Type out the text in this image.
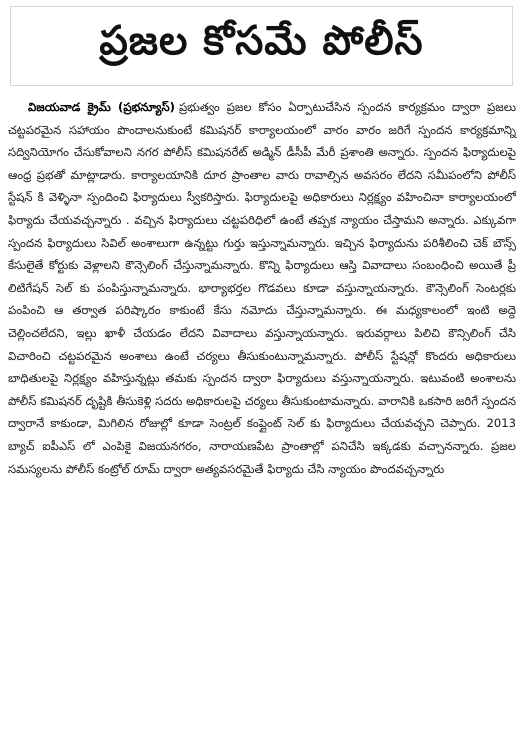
ప్రజల కోసమే పోలీస్
విజయవాడ క్రైమ్ (ప్రభన్యూస్) ప్రభుత్వం ప్రజల కోసం ఏర్పాటుచేసిన స్పందన కార్యక్రమం ద్వారా ప్రజలు చట్టపరమైన సహాయం పొందాలనుకుంటే కమిషనర్ కార్యాలయంలో వారం వారం జరిగే స్పందన కార్యక్రమాన్ని సద్వినియోగం చేసుకోవాలని నగర పోలీస్ కమిషనరేట్ అడ్మిన్ డీసీపీ మేరీ ప్రశాంతి అన్నారు. స్పందన ఫిర్యాదులపై ఆంధ్ర ప్రభతో మాట్లాడారు. కార్యాలయానికి దూర ప్రాంతాల వారు రావాల్సిన అవసరం లేదని సమీపంలోని పోలీస్ స్టేషన్ కి వెళ్ళినా స్పందించి ఫిర్యాదులు స్వీకరిస్తారు. ఫిర్యాదులపై అధికారులు నిర్లక్ష్యం వహించినా కార్యాలయంలో ఫిర్యాదు చేయవచ్చన్నారు . వచ్చిన ఫిర్యాదులు చట్టపరిధిలో ఉంటే తప్పక న్యాయం చేస్తామని అన్నారు. ఎక్కువగా స్పందన ఫిర్యాదులు సివిల్ అంశాలుగా ఉన్నట్టు గుర్తు ఇస్తున్నామన్నారు. ఇచ్చిన ఫిర్యాదును పరిశీలించి చెక్ బౌన్స్ కేసులైతే కోర్టుకు వెళ్లాలని కౌన్సెలింగ్ చేస్తున్నామన్నారు. కొన్ని ఫిర్యాదులు ఆస్తి వివాదాలు సంబంధించి అయితే ప్రీ లిటిగేషన్ సెల్ కు పంపిస్తున్నామన్నారు. భార్యాభర్తల గొడవలు కూడా వస్తున్నాయన్నారు. కౌన్సెలింగ్ సెంటర్లకు పంపించి ఆ తర్వాత పరిష్కారం కాకుంటే కేసు నమోదు చేస్తున్నామన్నారు. ఈ మధ్యకాలంలో ఇంటి అద్దె చెల్లించలేదని, ఇల్లు ఖాళీ చేయడం లేదని వివాదాలు వస్తున్నాయన్నారు. ఇరువర్గాలు పిలిచి కౌన్సిలింగ్ చేసి విచారించి చట్టపరమైన అంశాలు ఉంటే చర్యలు తీసుకుంటున్నామన్నారు. పోలీస్ స్టేషన్లో కొందరు అధికారులు బాధితులపై నిర్లక్ష్యం వహిస్తున్నట్లు తమకు స్పందన ద్వారా ఫిర్యాదులు వస్తున్నాయన్నారు. ఇటువంటి అంశాలను పోలీస్ కమిషనర్ దృష్టికి తీసుకెళ్లి సదరు అధికారులపై చర్యలు తీసుకుంటామన్నారు. వారానికి ఒకసారి జరిగే స్పందన ద్వారానే కాకుండా, మిగిలిన రోజుల్లో కూడా సెంట్రల్ కంప్లైంట్ సెల్ కు ఫిర్యాదులు చేయవచ్చని చెప్పారు. 2013 బ్యాచ్ ఐపీఎస్ లో ఎంపికై విజయనగరం, నారాయణపేట ప్రాంతాల్లో పనిచేసి ఇక్కడకు వచ్చానన్నారు. ప్రజల సమస్యలను పోలీస్ కంట్రోల్ రూమ్ ద్వారా అత్యవసరమైతే ఫిర్యాదు చేసి న్యాయం పొందవచ్చన్నారు
